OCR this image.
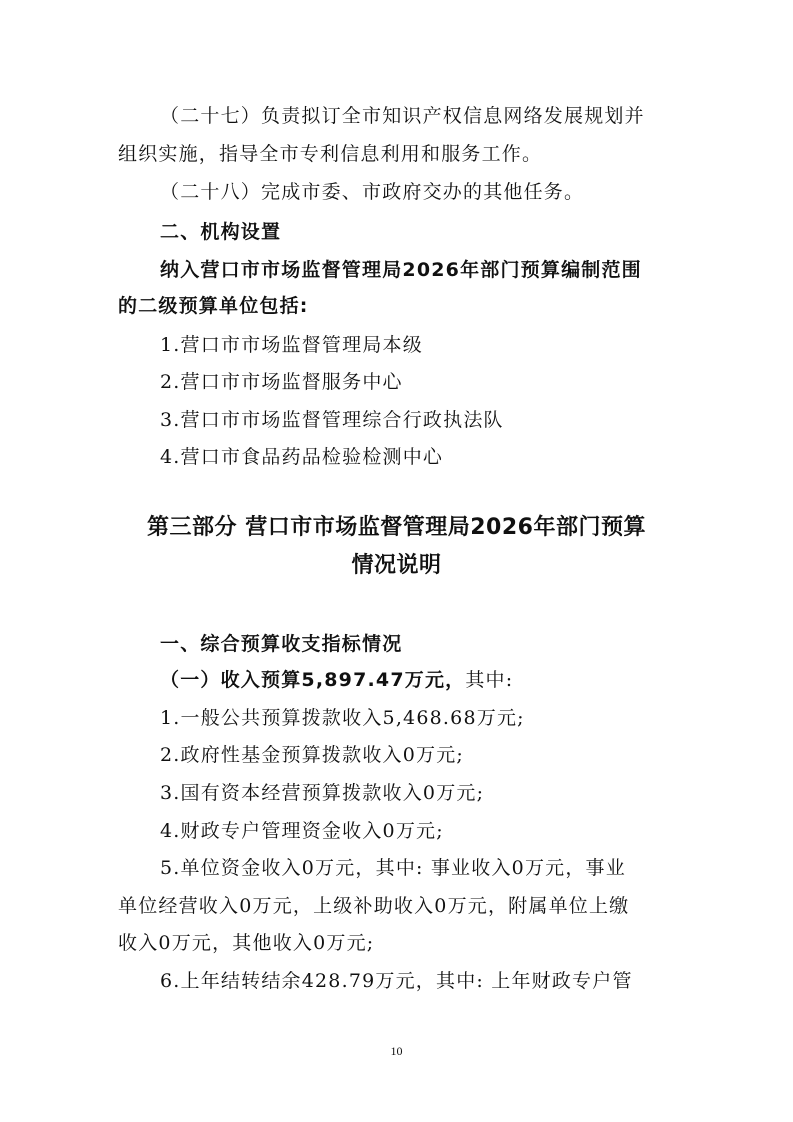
（二十七）负责拟订全市知识产权信息网络发展规划并
组织实施，指导全市专利信息利用和服务工作。
（二十八）完成市委、市政府交办的其他任务。
二、机构设置
纳入营口市市场监督管理局2026年部门预算编制范围
的二级预算单位包括:
1.营口市市场监督管理局本级
2.营口市市场监督服务中心
3.营口市市场监督管理综合行政执法队
4.营口市食品药品检验检测中心
第三部分 营口市市场监督管理局2026年部门预算
情况说明
一、综合预算收支指标情况
（一）收入预算5,897.47万元，其中:
1.一般公共预算拨款收入5,468.68万元;
2.政府性基金预算拨款收入0万元;
3.国有资本经营预算拨款收入0万元;
4.财政专户管理资金收入0万元;
5.单位资金收入0万元，其中: 事业收入0万元，事业
单位经营收入0万元，上级补助收入0万元，附属单位上缴
收入0万元，其他收入0万元;
6.上年结转结余428.79万元，其中: 上年财政专户管
10
